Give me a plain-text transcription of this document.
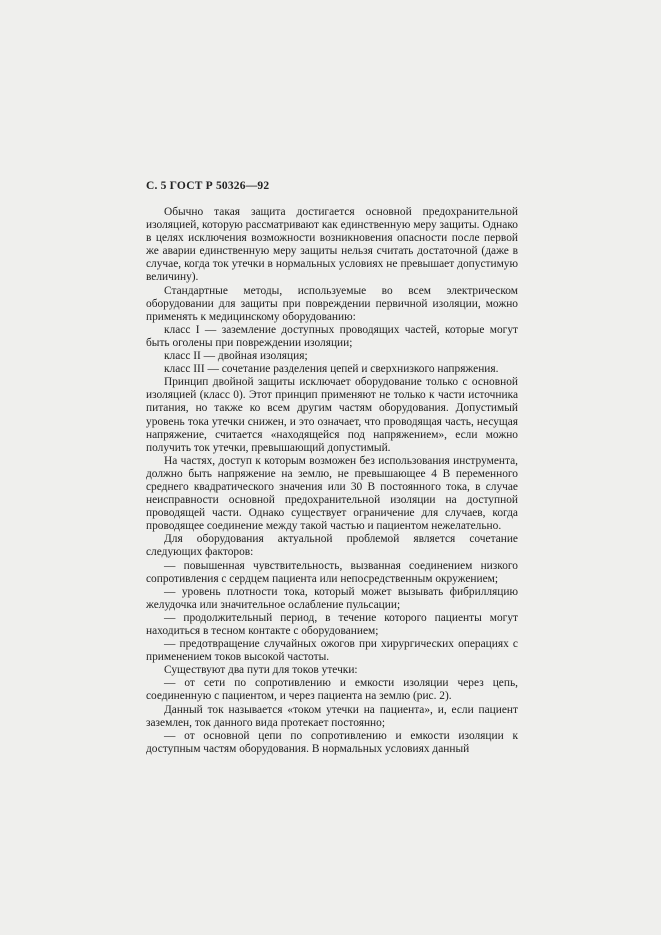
С. 5 ГОСТ Р 50326—92

Обычно такая защита достигается основной предохранительной изоляцией, которую рассматривают как единственную меру защиты. Однако в целях исключения возможности возникновения опасности после первой же аварии единственную меру защиты нельзя считать достаточной (даже в случае, когда ток утечки в нормальных условиях не превышает допустимую величину).

Стандартные методы, используемые во всем электрическом оборудовании для защиты при повреждении первичной изоляции, можно применять к медицинскому оборудованию:

класс I — заземление доступных проводящих частей, которые могут быть оголены при повреждении изоляции;

класс II — двойная изоляция;

класс III — сочетание разделения цепей и сверхнизкого напряжения.

Принцип двойной защиты исключает оборудование только с основной изоляцией (класс 0). Этот принцип применяют не только к части источника питания, но также ко всем другим частям оборудования. Допустимый уровень тока утечки снижен, и это означает, что проводящая часть, несущая напряжение, считается «находящейся под напряжением», если можно получить ток утечки, превышающий допустимый.

На частях, доступ к которым возможен без использования инструмента, должно быть напряжение на землю, не превышающее 4 В переменного среднего квадратического значения или 30 В постоянного тока, в случае неисправности основной предохранительной изоляции на доступной проводящей части. Однако существует ограничение для случаев, когда проводящее соединение между такой частью и пациентом нежелательно.

Для оборудования актуальной проблемой является сочетание следующих факторов:

— повышенная чувствительность, вызванная соединением низкого сопротивления с сердцем пациента или непосредственным окружением;

— уровень плотности тока, который может вызывать фибрилляцию желудочка или значительное ослабление пульсации;

— продолжительный период, в течение которого пациенты могут находиться в тесном контакте с оборудованием;

— предотвращение случайных ожогов при хирургических операциях с применением токов высокой частоты.

Существуют два пути для токов утечки:

— от сети по сопротивлению и емкости изоляции через цепь, соединенную с пациентом, и через пациента на землю (рис. 2).

Данный ток называется «током утечки на пациента», и, если пациент заземлен, ток данного вида протекает постоянно;

— от основной цепи по сопротивлению и емкости изоляции к доступным частям оборудования. В нормальных условиях данный
